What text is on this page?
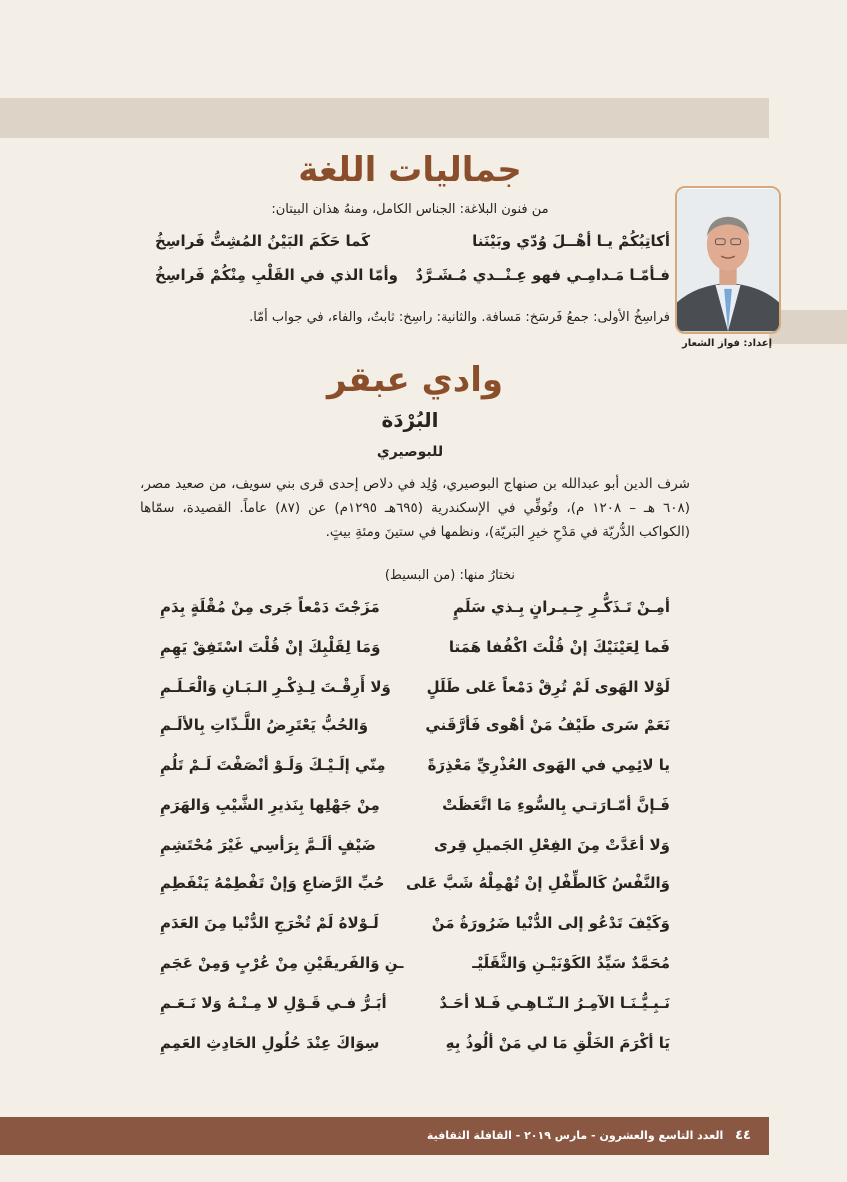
إعداد: فواز الشعار
جماليات اللغة
من فنون البلاغة: الجناس الكامل، ومنهُ هذان البيتان:
أكاتِبُكُمْ يـا أهْــلَ وُدّي وبَيْنَنا
كَما حَكَمَ البَيْنُ المُشِتُّ فَراسِخُ
فـأمّـا مَـدامِـي فهو عِـنْــدي مُـشَـرَّدٌ
وأمّا الذي في القَلْبِ مِنْكُمْ فَراسِخُ
فراسِخُ الأولى: جمعُ فَرسَخ: مَسافة. والثانية: راسِخ: ثابتٌ، والفاء، في جواب أمّا.
وادي عبقر
البُرْدَة
للبوصيري
شرف الدين أبو عبدالله بن صنهاج البوصيري، وُلِد في دلاص إحدى قرى بني سويف، من صعيد مصر، (٦٠٨ هـ – ١٢٠٨ م)، وتُوفِّي في الإسكندرية (٦٩٥هـ ١٢٩٥م) عن (٨٧) عاماً. القصيدة، سمّاها (الكواكب الدُّريّة في مَدْحِ خيرِ البَريّة)، ونظمها في ستينَ ومئةِ بيتٍ.
نختارُ منها: (من البسيط)
أمِـنْ تَـذَكُّـرِ جِـيـرانٍ بِـذي سَلَمٍ
مَزَجْتَ دَمْعاً جَرى مِنْ مُقْلَةٍ بِدَمِ
فَما لِعَيْنَيْكَ إنْ قُلْتَ اكْفُفا هَمَتا
وَمَا لِقَلْبِكَ إنْ قُلْتَ اسْتَفِقْ يَهِمِ
لَوْلا الهَوى لَمْ تُرِقْ دَمْعاً عَلى طَلَلٍ
وَلا أَرِقْـتَ لِـذِكْـرِ الـبَـانِ وَالْعَـلَـمِ
نَعَمْ سَرى طَيْفُ مَنْ أهْوى فَأرَّقَني
وَالحُبُّ يَعْتَرِضُ اللَّـذّاتِ بِالألَـمِ
يا لائِمِي في الهَوى العُذْرِيِّ مَعْذِرَةً
مِنّي إلَـيْـكَ وَلَـوْ أنْصَفْتَ لَـمْ تَلُمِ
فَـإنَّ أمّـارَتـي بِالسُّوءِ مَا اتَّعَظَتْ
مِنْ جَهْلِها بِنَذيرِ الشَّيْبِ وَالهَرَمِ
وَلا أعَدَّتْ مِنَ الفِعْلِ الجَميلِ قِرى
ضَيْفٍ ألَـمَّ بِرَأسِي غَيْرَ مُحْتَشِمِ
وَالنَّفْسُ كَالطِّفْلِ إنْ تُهْمِلْهُ شَبَّ عَلى
حُبِّ الرَّضاعِ وَإنْ تَفْطِمْهُ يَنْفَطِمِ
وَكَيْفَ تَدْعُو إلى الدُّنْيا ضَرُورَةُ مَنْ
لَـوْلاهُ لَمْ تُخْرَجِ الدُّنْيا مِنَ العَدَمِ
مُحَمَّدٌ سَيِّدُ الكَوْنَيْـنِ وَالثَّقَلَيْـ
ـنِ وَالفَريقَيْنِ مِنْ عُرْبٍ وَمِنْ عَجَمِ
نَـبِـيُّـنَـا الآمِـرُ الـنّـاهِـي فَـلا أحَـدٌ
أبَـرُّ فـي قَـوْلِ لا مِـنْـهُ وَلا نَـعَـمِ
يَا أكْرَمَ الخَلْقِ مَا لي مَنْ ألُوذُ بِهِ
سِوَاكَ عِنْدَ حُلُولِ الحَادِثِ العَمِمِ
٤٤ العدد التاسع والعشرون - مارس ٢٠١٩ - القافلة الثقافية
